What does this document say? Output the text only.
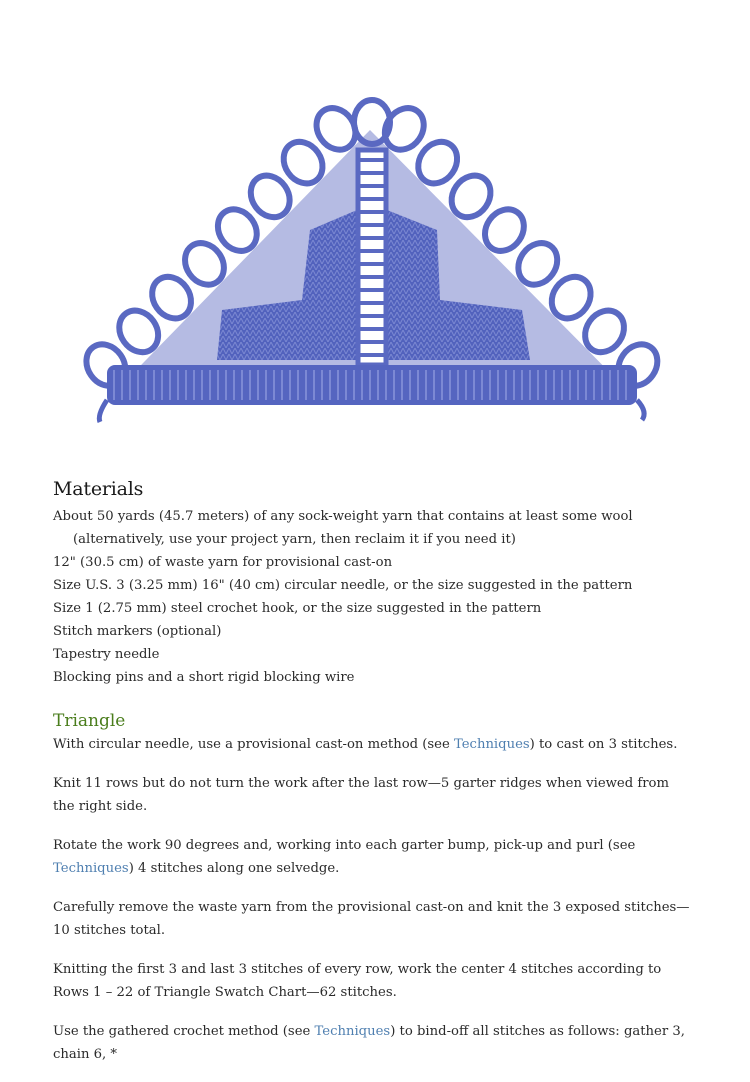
Materials
About 50 yards (45.7 meters) of any sock-weight yarn that contains at least some wool (alternatively, use your project yarn, then reclaim it if you need it)
12" (30.5 cm) of waste yarn for provisional cast-on
Size U.S. 3 (3.25 mm) 16" (40 cm) circular needle, or the size suggested in the pattern
Size 1 (2.75 mm) steel crochet hook, or the size suggested in the pattern
Stitch markers (optional)
Tapestry needle
Blocking pins and a short rigid blocking wire
Triangle

With circular needle, use a provisional cast-on method (see Techniques) to cast on 3 stitches.

Knit 11 rows but do not turn the work after the last row—5 garter ridges when viewed from the right side.

Rotate the work 90 degrees and, working into each garter bump, pick-up and purl (see Techniques) 4 stitches along one selvedge.

Carefully remove the waste yarn from the provisional cast-on and knit the 3 exposed stitches—10 stitches total.

Knitting the first 3 and last 3 stitches of every row, work the center 4 stitches according to Rows 1 – 22 of Triangle Swatch Chart—62 stitches.

Use the gathered crochet method (see Techniques) to bind-off all stitches as follows: gather 3, chain 6, *
